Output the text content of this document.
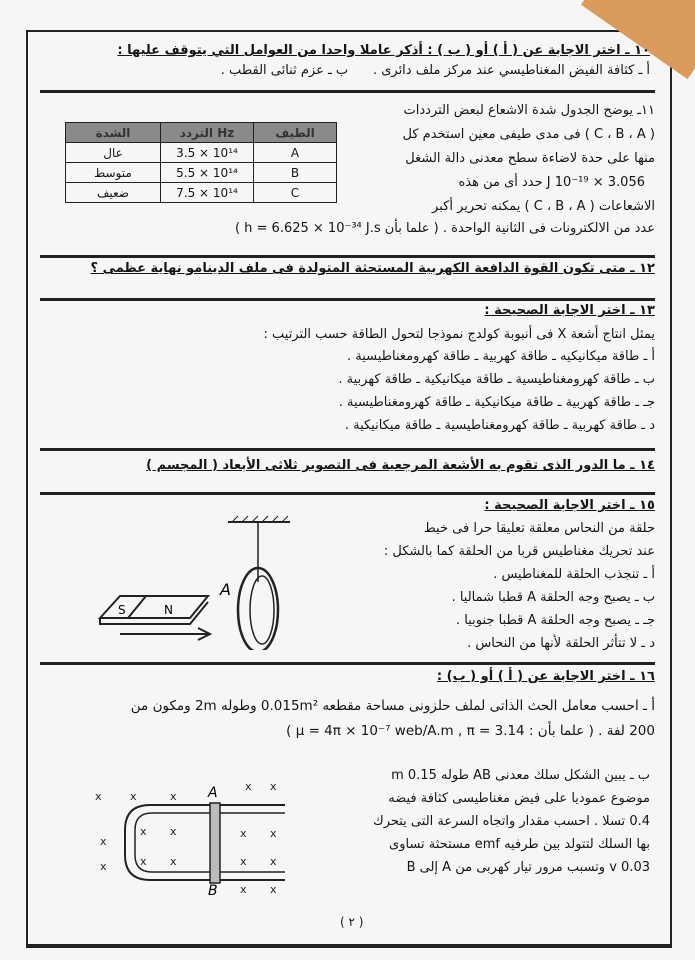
١٠ ـ اختر الاجابة عن ( أ ) أو ( ب ) : أذكر عاملا واحدا من العوامل التي يتوقف عليها :
أ ـ كثافة الفيض المغناطيسي عند مركز ملف دائرى .      ب ـ عزم ثنائى القطب .
١١ـ يوضح الجدول شدة الاشعاع لبعض الترددات
( C ، B ، A ) فى مدى طيفى معين استخدم كل
منها على حدة لاضاءة سطح معدنى دالة الشغل
3.056 × 10⁻¹⁹ J حدد أى من هذه
الاشعاعات ( C ، B ، A ) يمكنه تحرير أكبر
عدد من الالكترونات فى الثانية الواحدة . ( علما بأن h = 6.625 × 10⁻³⁴ J.s )
الشدة	التردد Hz	الطيف
عال	3.5 × 10¹⁴	A
متوسط	5.5 × 10¹⁴	B
ضعيف	7.5 × 10¹⁴	C
١٢ ـ متى تكون القوة الدافعة الكهربية المستحثة المتولدة فى ملف الدينامو نهاية عظمى ؟
١٣ ـ اختر الاجابة الصحيحة :
يمثل انتاج أشعة X فى أنبوبة كولدج نموذجا لتحول الطاقة حسب الترتيب :
أ ـ طاقة ميكانيكيه ـ طاقة كهربية ـ طاقة كهرومغناطيسية .
ب ـ طاقة كهرومغناطيسية ـ طاقة ميكانيكية ـ طاقة كهربية .
جـ ـ طاقة كهربية ـ طاقة ميكانيكية ـ طاقة كهرومغناطيسية .
د ـ طاقة كهربية ـ طاقة كهرومغناطيسية ـ طاقة ميكانيكية .
١٤ ـ ما الدور الذى تقوم به الأشعة المرجعية فى التصوير ثلاثى الأبعاد ( المجسم )
١٥ ـ اختر الاجابة الصحيحة :
حلقة من النحاس معلقة تعليقا حرا فى خيط
عند تحريك مغناطيس قربا من الحلقة كما بالشكل :
أ ـ تنجذب الحلقة للمغناطيس .
ب ـ يصبح وجه الحلقة A قطبا شماليا .
جـ ـ يصبح وجه الحلقة A قطبا جنوبيا .
د ـ لا تتأثر الحلقة لأنها من النحاس .
A
S	N
١٦ ـ اختر الاجابة عن ( أ ) أو ( ب) :
أ ـ احسب معامل الحث الذاتى لملف حلزونى مساحة مقطعه 0.015m² وطوله 2m ومكون من
200 لفة . ( علما بأن : μ = 4π × 10⁻⁷ web/A.m , π = 3.14 )
ب ـ يبين الشكل سلك معدنى AB طوله 0.15 m
موضوع عموديا على فيض مغناطيسى كثافة فيضه
0.4 تسلا . احسب مقدار واتجاه السرعة التى يتحرك
بها السلك لتتولد بين طرفيه emf مستحثة تساوى
0.03 v وتسبب مرور تيار كهربى من A إلى B
x	x	x
x x
x x
x
x
x x
x x	x x
x x
A
B
( ٢ )
